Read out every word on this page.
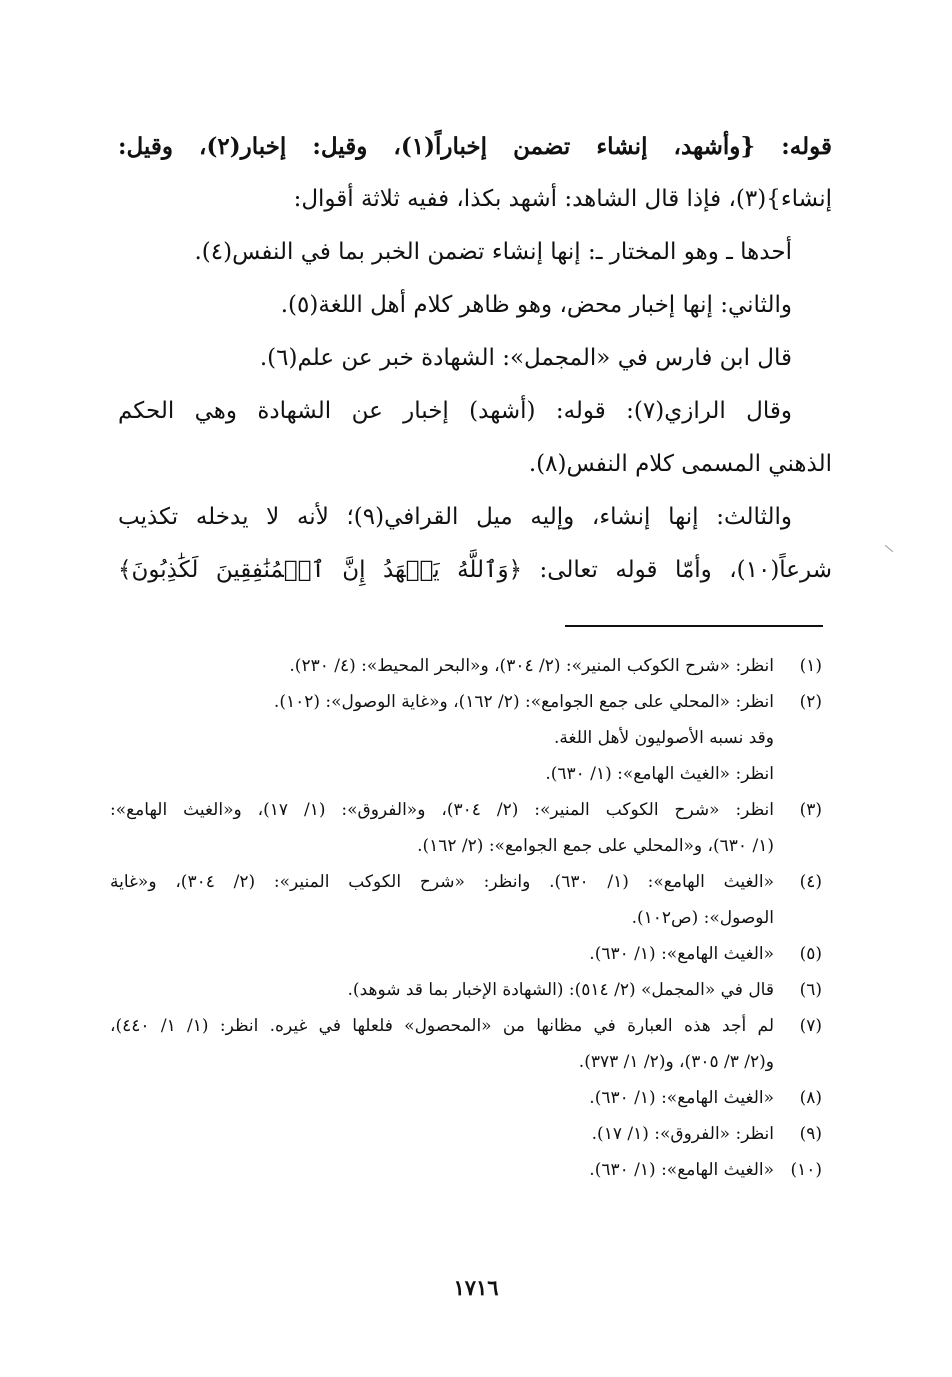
قوله: {وأشهد، إنشاء تضمن إخباراً(١)، وقيل: إخبار(٢)، وقيل:
إنشاء}(٣)، فإذا قال الشاهد: أشهد بكذا، ففيه ثلاثة أقوال:
أحدها ـ وهو المختار ـ: إنها إنشاء تضمن الخبر بما في النفس(٤).
والثاني: إنها إخبار محض، وهو ظاهر كلام أهل اللغة(٥).
قال ابن فارس في «المجمل»: الشهادة خبر عن علم(٦).
وقال الرازي(٧): قوله: (أشهد) إخبار عن الشهادة وهي الحكم
الذهني المسمى كلام النفس(٨).
والثالث: إنها إنشاء، وإليه ميل القرافي(٩)؛ لأنه لا يدخله تكذيب
شرعاً(١٠)، وأمّا قوله تعالى: ﴿وَٱللَّهُ يَشۡهَدُ إِنَّ ٱلۡمُنَٰفِقِينَ لَكَٰذِبُونَ﴾
(١)
انظر: «شرح الكوكب المنير»: (٢/ ٣٠٤)، و«البحر المحيط»: (٤/ ٢٣٠).
(٢)
انظر: «المحلي على جمع الجوامع»: (٢/ ١٦٢)، و«غاية الوصول»: (١٠٢).
وقد نسبه الأصوليون لأهل اللغة.
انظر: «الغيث الهامع»: (١/ ٦٣٠).
(٣)
انظر: «شرح الكوكب المنير»: (٢/ ٣٠٤)، و«الفروق»: (١/ ١٧)، و«الغيث الهامع»:
(١/ ٦٣٠)، و«المحلي على جمع الجوامع»: (٢/ ١٦٢).
(٤)
«الغيث الهامع»: (١/ ٦٣٠). وانظر: «شرح الكوكب المنير»: (٢/ ٣٠٤)، و«غاية
الوصول»: (ص١٠٢).
(٥)
«الغيث الهامع»: (١/ ٦٣٠).
(٦)
قال في «المجمل» (٢/ ٥١٤): (الشهادة الإخبار بما قد شوهد).
(٧)
لم أجد هذه العبارة في مظانها من «المحصول» فلعلها في غيره. انظر: (١/ ١/ ٤٤٠)،
و(٢/ ٣/ ٣٠٥)، و(٢/ ١/ ٣٧٣).
(٨)
«الغيث الهامع»: (١/ ٦٣٠).
(٩)
انظر: «الفروق»: (١/ ١٧).
(١٠)
«الغيث الهامع»: (١/ ٦٣٠).
١٧١٦
